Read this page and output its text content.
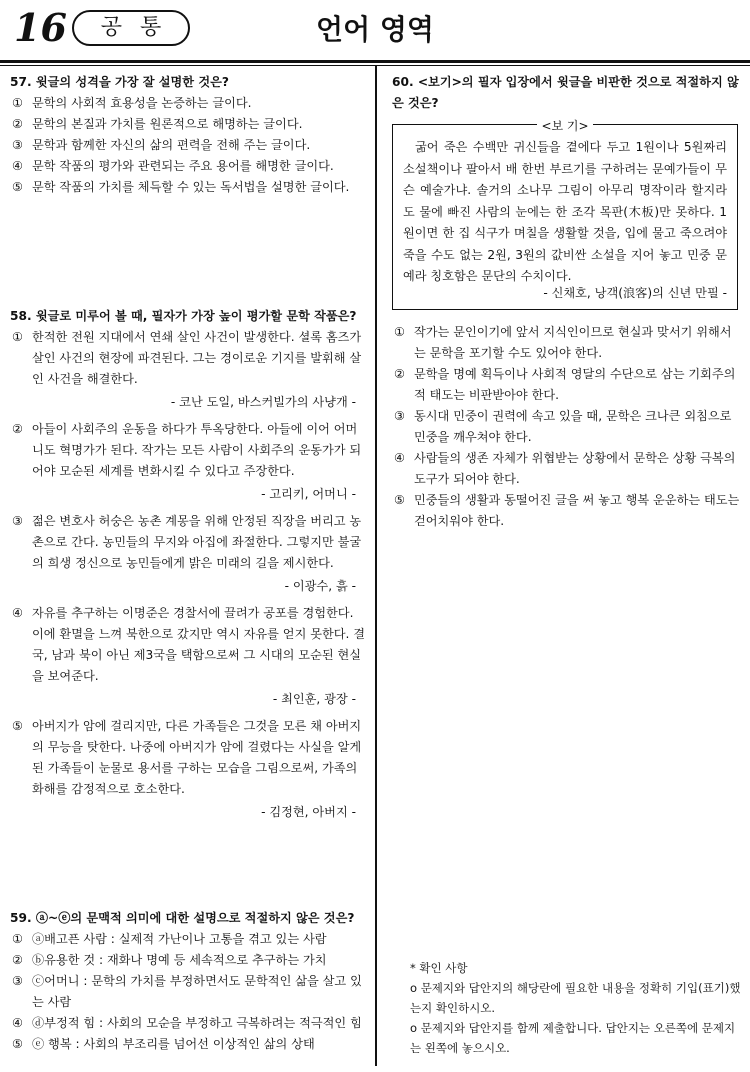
16	공통	언어 영역

57. 윗글의 성격을 가장 잘 설명한 것은?

① 문학의 사회적 효용성을 논증하는 글이다.

② 문학의 본질과 가치를 원론적으로 해명하는 글이다.

③ 문학과 함께한 자신의 삶의 편력을 전해 주는 글이다.

④ 문학 작품의 평가와 관련되는 주요 용어를 해명한 글이다.

⑤ 문학 작품의 가치를 체득할 수 있는 독서법을 설명한 글이다.

58. 윗글로 미루어 볼 때, 필자가 가장 높이 평가할 문학 작품은?

① 한적한 전원 지대에서 연쇄 살인 사건이 발생한다. 셜록 홈즈가 살인 사건의 현장에 파견된다. 그는 경이로운 기지를 발휘해 살인 사건을 해결한다.

- 코난 도일, 바스커빌가의 사냥개 -

② 아들이 사회주의 운동을 하다가 투옥당한다. 아들에 이어 어머니도 혁명가가 된다. 작가는 모든 사람이 사회주의 운동가가 되어야 모순된 세계를 변화시킬 수 있다고 주장한다.

- 고리키, 어머니 -

③ 젊은 변호사 허숭은 농촌 계몽을 위해 안정된 직장을 버리고 농촌으로 간다. 농민들의 무지와 아집에 좌절한다. 그렇지만 불굴의 희생 정신으로 농민들에게 밝은 미래의 길을 제시한다.

- 이광수, 흙 -

④ 자유를 추구하는 이명준은 경찰서에 끌려가 공포를 경험한다. 이에 환멸을 느껴 북한으로 갔지만 역시 자유를 얻지 못한다. 결국, 남과 북이 아닌 제3국을 택함으로써 그 시대의 모순된 현실을 보여준다.

- 최인훈, 광장 -

⑤ 아버지가 암에 걸리지만, 다른 가족들은 그것을 모른 채 아버지의 무능을 탓한다. 나중에 아버지가 암에 걸렸다는 사실을 알게 된 가족들이 눈물로 용서를 구하는 모습을 그림으로써, 가족의 화해를 감정적으로 호소한다.

- 김정현, 아버지 -

59. ⓐ~ⓔ의 문맥적 의미에 대한 설명으로 적절하지 않은 것은?

① ⓐ배고픈 사람 : 실제적 가난이나 고통을 겪고 있는 사람

② ⓑ유용한 것 : 재화나 명예 등 세속적으로 추구하는 가치

③ ⓒ어머니 : 문학의 가치를 부정하면서도 문학적인 삶을 살고 있는 사람

④ ⓓ부정적 힘 : 사회의 모순을 부정하고 극복하려는 적극적인 힘

⑤ ⓔ 행복 : 사회의 부조리를 넘어선 이상적인 삶의 상태

60. <보기>의 필자 입장에서 윗글을 비판한 것으로 적절하지 않은 것은?

<보 기>
굶어 죽은 수백만 귀신들을 곁에다 두고 1원이나 5원짜리 소설책이나 팔아서 배 한번 부르기를 구하려는 문예가들이 무슨 예술가냐. 솔거의 소나무 그림이 아무리 명작이라 할지라도 물에 빠진 사람의 눈에는 한 조각 목판(木板)만 못하다. 1원이면 한 집 식구가 며칠을 생활할 것을, 입에 물고 죽으려야 죽을 수도 없는 2원, 3원의 값비싼 소설을 지어 놓고 민중 문예라 칭호함은 문단의 수치이다.
- 신채호, 낭객(浪客)의 신년 만필 -

① 작가는 문인이기에 앞서 지식인이므로 현실과 맞서기 위해서는 문학을 포기할 수도 있어야 한다.

② 문학을 명예 획득이나 사회적 영달의 수단으로 삼는 기회주의적 태도는 비판받아야 한다.

③ 동시대 민중이 권력에 속고 있을 때, 문학은 크나큰 외침으로 민중을 깨우쳐야 한다.

④ 사람들의 생존 자체가 위협받는 상황에서 문학은 상황 극복의 도구가 되어야 한다.

⑤ 민중들의 생활과 동떨어진 글을 써 놓고 행복 운운하는 태도는 걷어치워야 한다.

* 확인 사항

o 문제지와 답안지의 해당란에 필요한 내용을 정확히 기입(표기)했는지 확인하시오.

o 문제지와 답안지를 함께 제출합니다. 답안지는 오른쪽에 문제지는 왼쪽에 놓으시오.
